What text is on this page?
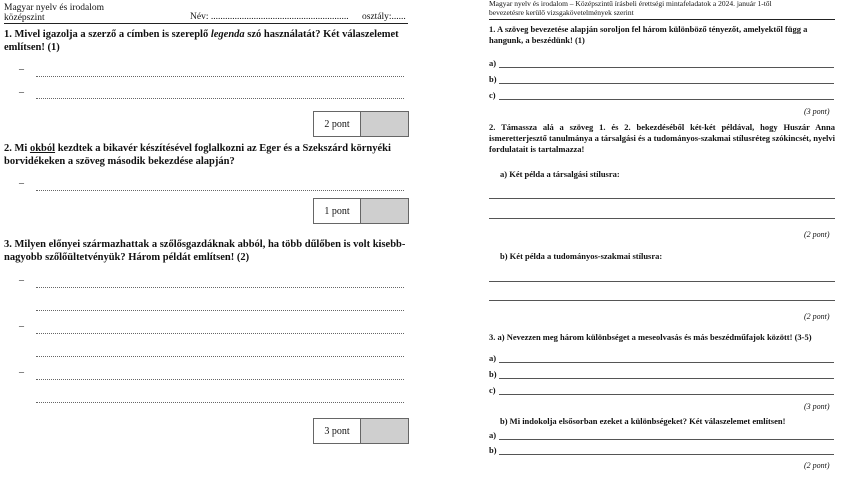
Magyar nyelv és irodalom
középszint	Név: .......................................................... osztály:......
1. Mivel igazolja a szerző a címben is szereplő legenda szó használatát? Két válaszelemet említsen! (1)
–
–
2 pont
2. Mi okból kezdtek a bikavér készítésével foglalkozni az Eger és a Szekszárd környéki borvidékeken a szöveg második bekezdése alapján?
–
1 pont
3. Milyen előnyei származhattak a szőlősgazdáknak abból, ha több dűlőben is volt kisebb-nagyobb szőlőültetvényük? Három példát említsen! (2)
–
–
–
3 pont
Magyar nyelv és irodalom – Középszintű írásbeli érettségi mintafeladatok a 2024. január 1-től
bevezetésre kerülő vizsgakövetelmények szerint
1. A szöveg bevezetése alapján soroljon fel három különböző tényezőt, amelyektől függ a hangunk, a beszédünk! (1)
a)
b)
c)
(3 pont)
2. Támassza alá a szöveg 1. és 2. bekezdéséből két-két példával, hogy Huszár Anna ismeretterjesztő tanulmánya a társalgási és a tudományos-szakmai stílusréteg szókincsét, nyelvi fordulatait is tartalmazza!
a) Két példa a társalgási stílusra:
(2 pont)
b) Két példa a tudományos-szakmai stílusra:
(2 pont)
3. a) Nevezzen meg három különbséget a meseolvasás és más beszédműfajok között! (3-5)
a)
b)
c)
(3 pont)
b) Mi indokolja elsősorban ezeket a különbségeket? Két válaszelemet említsen!
a)
b)
(2 pont)
